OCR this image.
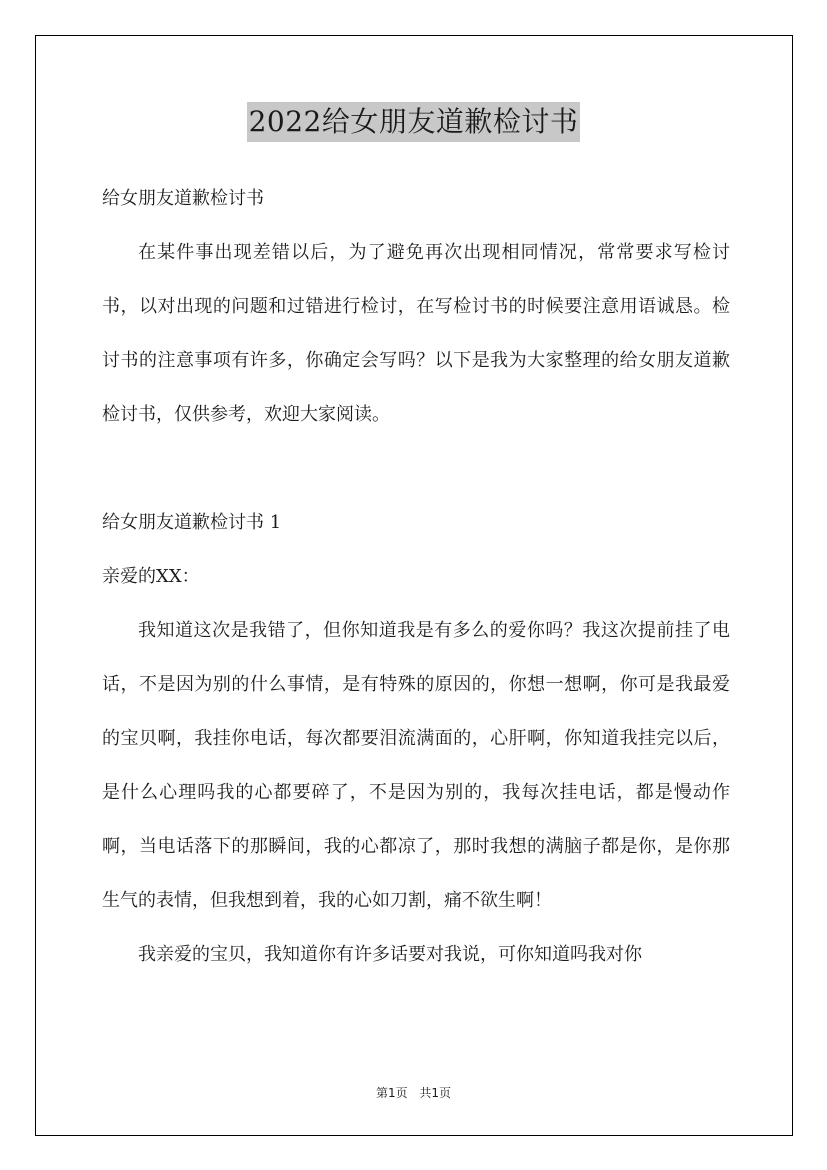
2022给女朋友道歉检讨书

给女朋友道歉检讨书

在某件事出现差错以后，为了避免再次出现相同情况，常常要求写检讨书，以对出现的问题和过错进行检讨，在写检讨书的时候要注意用语诚恳。检讨书的注意事项有许多，你确定会写吗？以下是我为大家整理的给女朋友道歉检讨书，仅供参考，欢迎大家阅读。

给女朋友道歉检讨书 1

亲爱的XX：

我知道这次是我错了，但你知道我是有多么的爱你吗？我这次提前挂了电话，不是因为别的什么事情，是有特殊的原因的，你想一想啊，你可是我最爱的宝贝啊，我挂你电话，每次都要泪流满面的，心肝啊，你知道我挂完以后，是什么心理吗我的心都要碎了，不是因为别的，我每次挂电话，都是慢动作啊，当电话落下的那瞬间，我的心都凉了，那时我想的满脑子都是你，是你那生气的表情，但我想到着，我的心如刀割，痛不欲生啊！

我亲爱的宝贝，我知道你有许多话要对我说，可你知道吗我对你

第1页 共1页
